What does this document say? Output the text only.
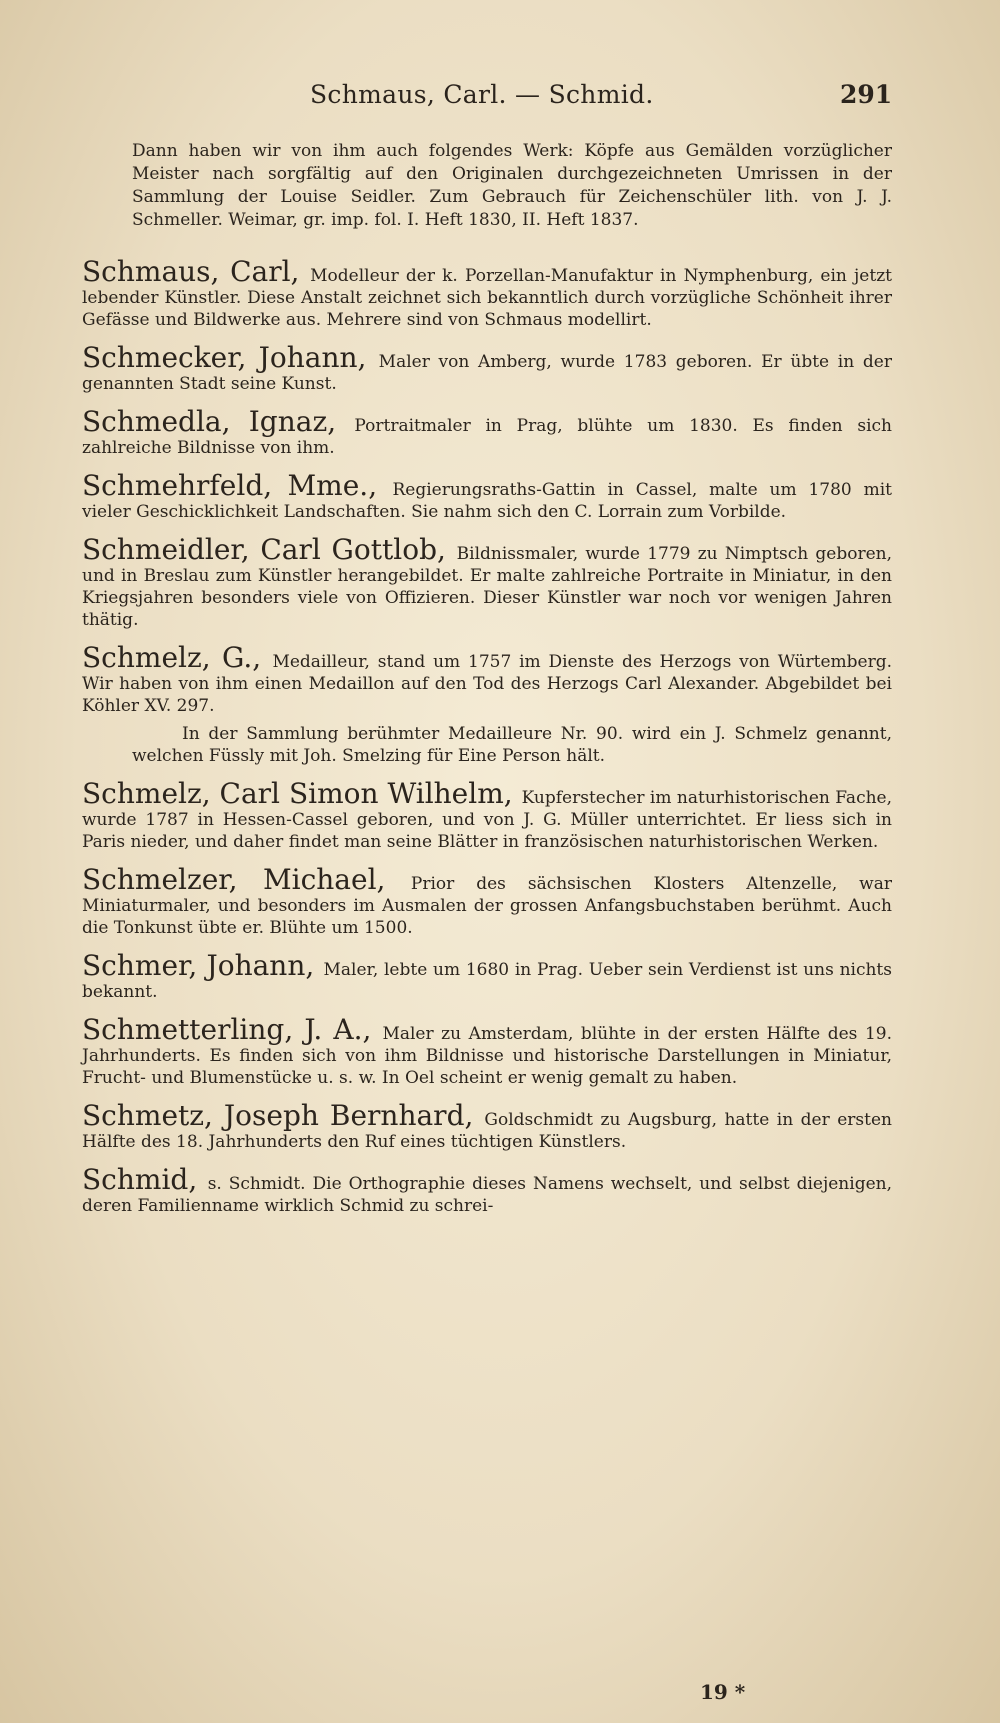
Schmaus, Carl. — Schmid.	291

Dann haben wir von ihm auch folgendes Werk: Köpfe aus Gemälden vorzüglicher Meister nach sorgfältig auf den Originalen durchgezeichneten Umrissen in der Sammlung der Louise Seidler. Zum Gebrauch für Zeichenschüler lith. von J. J. Schmeller. Weimar, gr. imp. fol. I. Heft 1830, II. Heft 1837.

Schmaus, Carl, Modelleur der k. Porzellan-Manufaktur in Nymphenburg, ein jetzt lebender Künstler. Diese Anstalt zeichnet sich bekanntlich durch vorzügliche Schönheit ihrer Gefässe und Bildwerke aus. Mehrere sind von Schmaus modellirt.
Schmecker, Johann, Maler von Amberg, wurde 1783 geboren. Er übte in der genannten Stadt seine Kunst.
Schmedla, Ignaz, Portraitmaler in Prag, blühte um 1830. Es finden sich zahlreiche Bildnisse von ihm.
Schmehrfeld, Mme., Regierungsraths-Gattin in Cassel, malte um 1780 mit vieler Geschicklichkeit Landschaften. Sie nahm sich den C. Lorrain zum Vorbilde.
Schmeidler, Carl Gottlob, Bildnissmaler, wurde 1779 zu Nimptsch geboren, und in Breslau zum Künstler herangebildet. Er malte zahlreiche Portraite in Miniatur, in den Kriegsjahren besonders viele von Offizieren. Dieser Künstler war noch vor wenigen Jahren thätig.
Schmelz, G., Medailleur, stand um 1757 im Dienste des Herzogs von Würtemberg. Wir haben von ihm einen Medaillon auf den Tod des Herzogs Carl Alexander. Abgebildet bei Köhler XV. 297.

In der Sammlung berühmter Medailleure Nr. 90. wird ein J. Schmelz genannt, welchen Füssly mit Joh. Smelzing für Eine Person hält.

Schmelz, Carl Simon Wilhelm, Kupferstecher im naturhistorischen Fache, wurde 1787 in Hessen-Cassel geboren, und von J. G. Müller unterrichtet. Er liess sich in Paris nieder, und daher findet man seine Blätter in französischen naturhistorischen Werken.
Schmelzer, Michael, Prior des sächsischen Klosters Altenzelle, war Miniaturmaler, und besonders im Ausmalen der grossen Anfangsbuchstaben berühmt. Auch die Tonkunst übte er. Blühte um 1500.
Schmer, Johann, Maler, lebte um 1680 in Prag. Ueber sein Verdienst ist uns nichts bekannt.
Schmetterling, J. A., Maler zu Amsterdam, blühte in der ersten Hälfte des 19. Jahrhunderts. Es finden sich von ihm Bildnisse und historische Darstellungen in Miniatur, Frucht- und Blumenstücke u. s. w. In Oel scheint er wenig gemalt zu haben.
Schmetz, Joseph Bernhard, Goldschmidt zu Augsburg, hatte in der ersten Hälfte des 18. Jahrhunderts den Ruf eines tüchtigen Künstlers.
Schmid, s. Schmidt. Die Orthographie dieses Namens wechselt, und selbst diejenigen, deren Familienname wirklich Schmid zu schrei-
19 *
